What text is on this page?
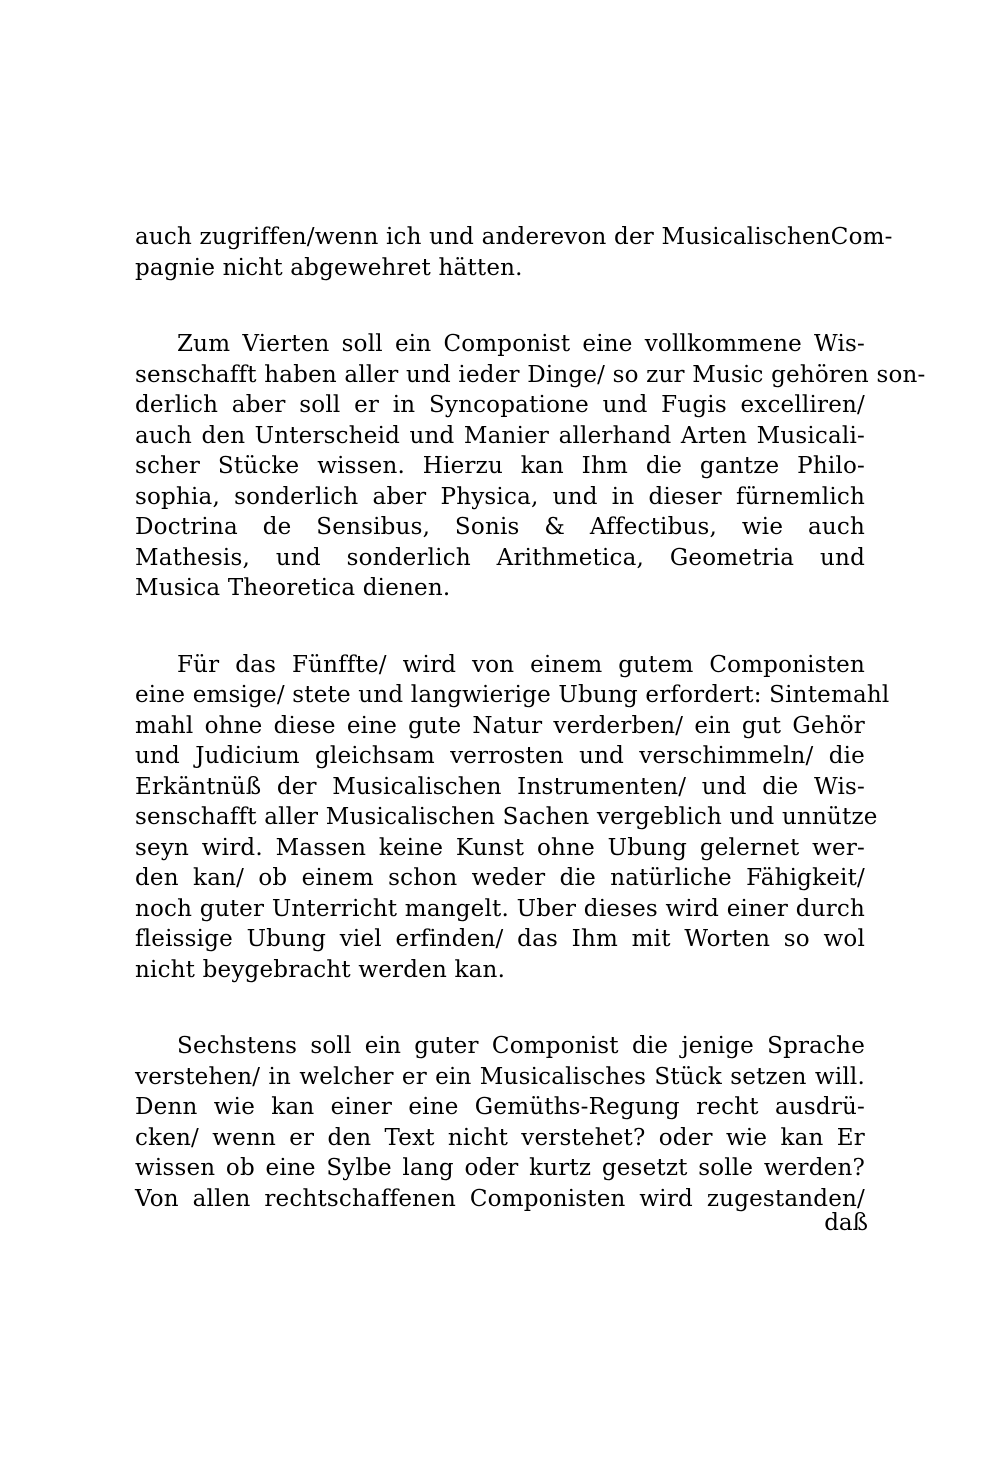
auch zugriffen/wenn ich und anderevon der MusicalischenCom-
pagnie nicht abgewehret hätten.
Zum Vierten soll ein Componist eine vollkommene Wis-
senschafft haben aller und ieder Dinge/ so zur Music gehören son-
derlich aber soll er in Syncopatione und Fugis excelliren/
auch den Unterscheid und Manier allerhand Arten Musicali-
scher Stücke wissen. Hierzu kan Ihm die gantze Philo-
sophia, sonderlich aber Physica, und in dieser fürnemlich
Doctrina de Sensibus, Sonis & Affectibus, wie auch
Mathesis, und sonderlich Arithmetica, Geometria und
Musica Theoretica dienen.
Für das Fünffte/ wird von einem gutem Componisten
eine emsige/ stete und langwierige Ubung erfordert: Sintemahl
mahl ohne diese eine gute Natur verderben/ ein gut Gehör
und Judicium gleichsam verrosten und verschimmeln/ die
Erkäntnüß der Musicalischen Instrumenten/ und die Wis-
senschafft aller Musicalischen Sachen vergeblich und unnütze
seyn wird. Massen keine Kunst ohne Ubung gelernet wer-
den kan/ ob einem schon weder die natürliche Fähigkeit/
noch guter Unterricht mangelt. Uber dieses wird einer durch
fleissige Ubung viel erfinden/ das Ihm mit Worten so wol
nicht beygebracht werden kan.
Sechstens soll ein guter Componist die jenige Sprache
verstehen/ in welcher er ein Musicalisches Stück setzen will.
Denn wie kan einer eine Gemüths-Regung recht ausdrü-
cken/ wenn er den Text nicht verstehet? oder wie kan Er
wissen ob eine Sylbe lang oder kurtz gesetzt solle werden?
Von allen rechtschaffenen Componisten wird zugestanden/
daß
